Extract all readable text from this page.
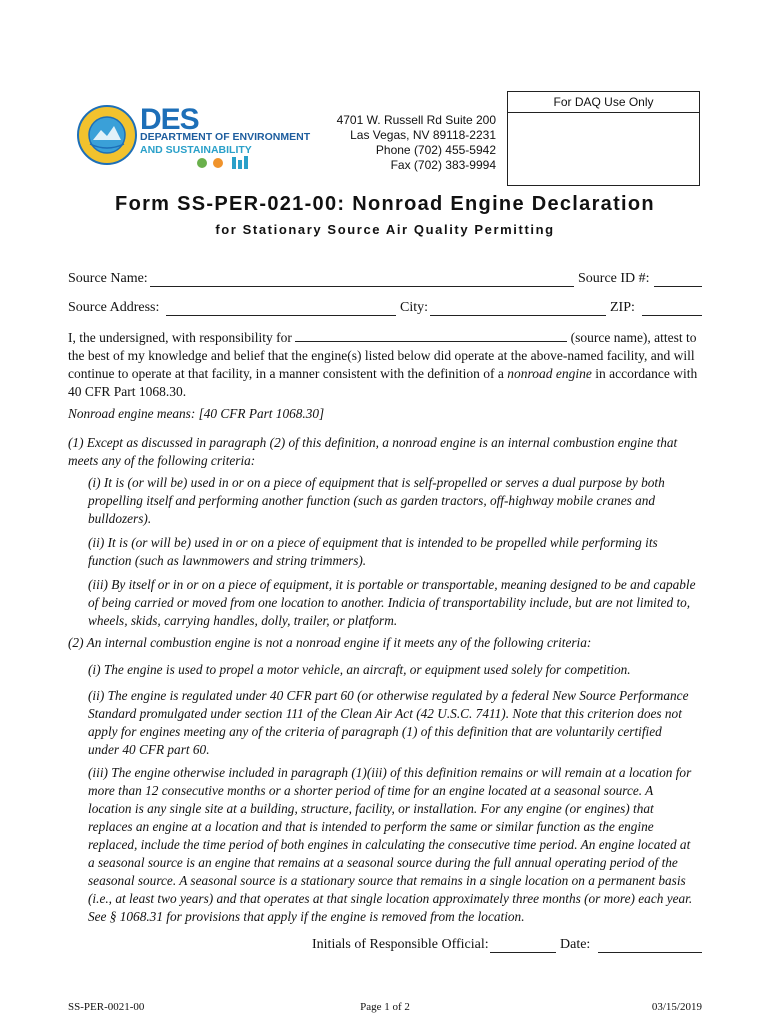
DES
DEPARTMENT OF ENVIRONMENT
AND SUSTAINABILITY
4701 W. Russell Rd Suite 200
Las Vegas, NV 89118-2231
Phone (702) 455-5942
Fax (702) 383-9994
For DAQ Use Only
Form SS-PER-021-00: Nonroad Engine Declaration
for Stationary Source Air Quality Permitting
Source Name:	Source ID #:
Source Address:	City:	ZIP:
I, the undersigned, with responsibility for	(source name), attest to the best of my knowledge and belief that the engine(s) listed below did operate at the above-named facility, and will continue to operate at that facility, in a manner consistent with the definition of a nonroad engine in accordance with 40 CFR Part 1068.30.
Nonroad engine means: [40 CFR Part 1068.30]
(1) Except as discussed in paragraph (2) of this definition, a nonroad engine is an internal combustion engine that meets any of the following criteria:
(i) It is (or will be) used in or on a piece of equipment that is self-propelled or serves a dual purpose by both propelling itself and performing another function (such as garden tractors, off-highway mobile cranes and bulldozers).
(ii) It is (or will be) used in or on a piece of equipment that is intended to be propelled while performing its function (such as lawnmowers and string trimmers).
(iii) By itself or in or on a piece of equipment, it is portable or transportable, meaning designed to be and capable of being carried or moved from one location to another. Indicia of transportability include, but are not limited to, wheels, skids, carrying handles, dolly, trailer, or platform.
(2) An internal combustion engine is not a nonroad engine if it meets any of the following criteria:
(i) The engine is used to propel a motor vehicle, an aircraft, or equipment used solely for competition.
(ii) The engine is regulated under 40 CFR part 60 (or otherwise regulated by a federal New Source Performance Standard promulgated under section 111 of the Clean Air Act (42 U.S.C. 7411). Note that this criterion does not apply for engines meeting any of the criteria of paragraph (1) of this definition that are voluntarily certified under 40 CFR part 60.
(iii) The engine otherwise included in paragraph (1)(iii) of this definition remains or will remain at a location for more than 12 consecutive months or a shorter period of time for an engine located at a seasonal source. A location is any single site at a building, structure, facility, or installation. For any engine (or engines) that replaces an engine at a location and that is intended to perform the same or similar function as the engine replaced, include the time period of both engines in calculating the consecutive time period. An engine located at a seasonal source is an engine that remains at a seasonal source during the full annual operating period of the seasonal source. A seasonal source is a stationary source that remains in a single location on a permanent basis (i.e., at least two years) and that operates at that single location approximately three months (or more) each year. See § 1068.31 for provisions that apply if the engine is removed from the location.
Initials of Responsible Official:	Date:
SS-PER-0021-00	Page 1 of 2	03/15/2019
